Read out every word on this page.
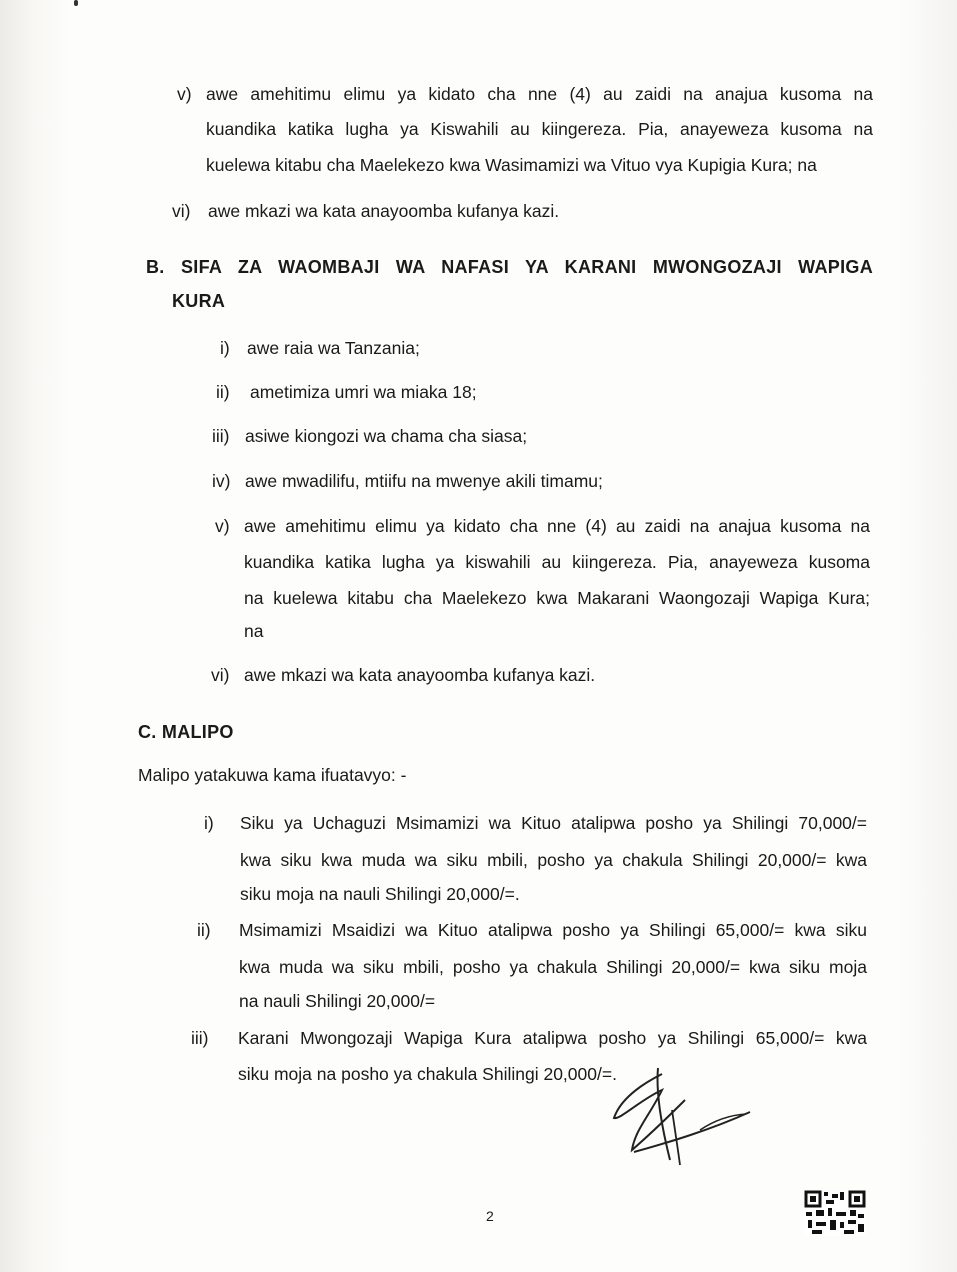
v) awe amehitimu elimu ya kidato cha nne (4) au zaidi na anajua kusoma na
kuandika katika lugha ya Kiswahili au kiingereza. Pia, anayeweza kusoma na
kuelewa kitabu cha Maelekezo kwa Wasimamizi wa Vituo vya Kupigia Kura; na
vi) awe mkazi wa kata anayoomba kufanya kazi.
B. SIFA ZA WAOMBAJI WA NAFASI YA KARANI MWONGOZAJI WAPIGA
KURA
i) awe raia wa Tanzania;
ii) ametimiza umri wa miaka 18;
iii) asiwe kiongozi wa chama cha siasa;
iv) awe mwadilifu, mtiifu na mwenye akili timamu;
v) awe amehitimu elimu ya kidato cha nne (4) au zaidi na anajua kusoma na
kuandika katika lugha ya kiswahili au kiingereza. Pia, anayeweza kusoma
na kuelewa kitabu cha Maelekezo kwa Makarani Waongozaji Wapiga Kura;
na
vi) awe mkazi wa kata anayoomba kufanya kazi.
C. MALIPO
Malipo yatakuwa kama ifuatavyo: -
i) Siku ya Uchaguzi Msimamizi wa Kituo atalipwa posho ya Shilingi 70,000/=
kwa siku kwa muda wa siku mbili, posho ya chakula Shilingi 20,000/= kwa
siku moja na nauli Shilingi 20,000/=.
ii) Msimamizi Msaidizi wa Kituo atalipwa posho ya Shilingi 65,000/= kwa siku
kwa muda wa siku mbili, posho ya chakula Shilingi 20,000/= kwa siku moja
na nauli Shilingi 20,000/=
iii) Karani Mwongozaji Wapiga Kura atalipwa posho ya Shilingi 65,000/= kwa
siku moja na posho ya chakula Shilingi 20,000/=.
2
